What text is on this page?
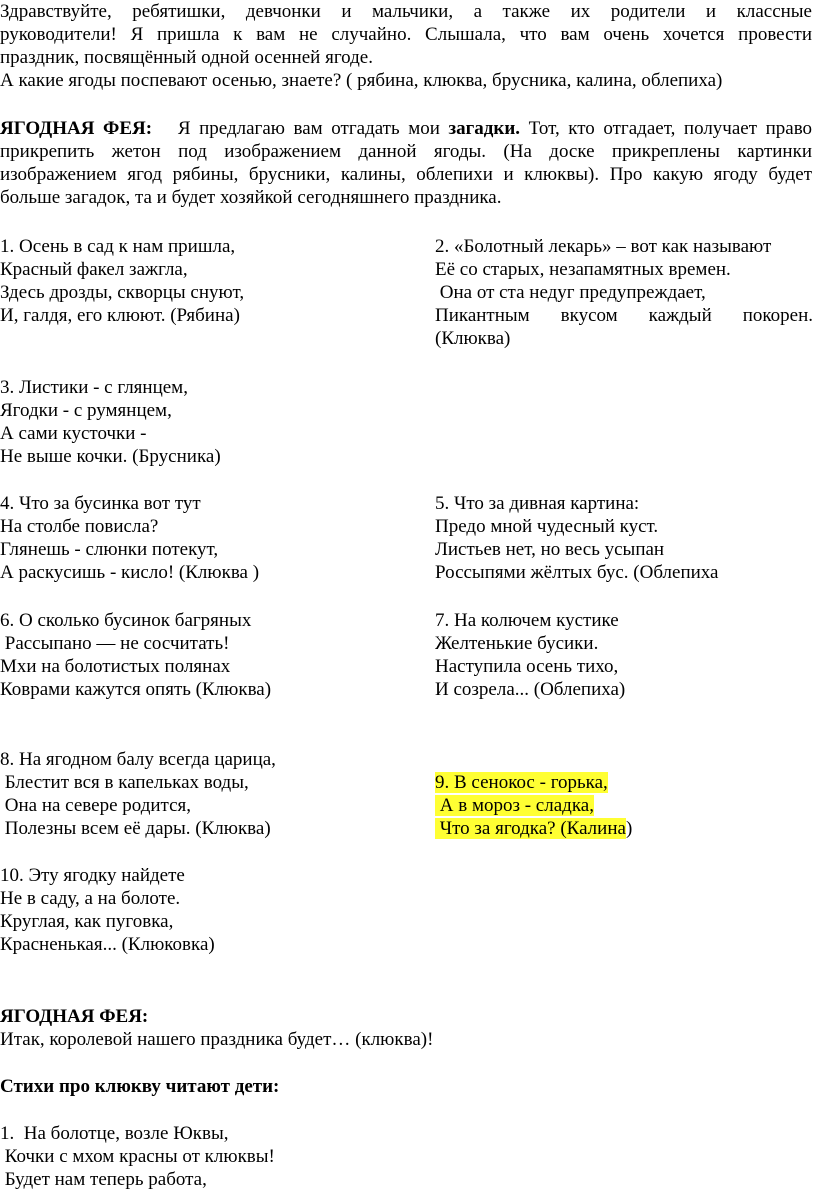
Здравствуйте, ребятишки, девчонки и мальчики, а также их родители и классные
руководители! Я пришла к вам не случайно. Слышала, что вам очень хочется провести
праздник, посвящённый одной осенней ягоде.
А какие ягоды поспевают осенью, знаете? ( рябина, клюква, брусника, калина, облепиха)
ЯГОДНАЯ ФЕЯ: Я предлагаю вам отгадать мои загадки. Тот, кто отгадает, получает право
прикрепить жетон под изображением данной ягоды. (На доске прикреплены картинки
изображением ягод рябины, брусники, калины, облепихи и клюквы). Про какую ягоду будет
больше загадок, та и будет хозяйкой сегодняшнего праздника.
1. Осень в сад к нам пришла,
Красный факел зажгла,
Здесь дрозды, скворцы снуют,
И, галдя, его клюют. (Рябина)
2. «Болотный лекарь» – вот как называют
Её со старых, незапамятных времен.
Она от ста недуг предупреждает,
Пикантным вкусом каждый покорен.
(Клюква)
3. Листики - с глянцем,
Ягодки - с румянцем,
А сами кусточки -
Не выше кочки. (Брусника)
4. Что за бусинка вот тут
На столбе повисла?
Глянешь - слюнки потекут,
А раскусишь - кисло! (Клюква )
5. Что за дивная картина:
Предо мной чудесный куст.
Листьев нет, но весь усыпан
Россыпями жёлтых бус. (Облепиха
6. О сколько бусинок багряных
Рассыпано — не сосчитать!
Мхи на болотистых полянах
Коврами кажутся опять (Клюква)
7. На колючем кустике
Желтенькие бусики.
Наступила осень тихо,
И созрела... (Облепиха)
8. На ягодном балу всегда царица,
Блестит вся в капельках воды,
Она на севере родится,
Полезны всем её дары. (Клюква)
9. В сенокос - горька,
А в мороз - сладка,
Что за ягодка? (Калина)
10. Эту ягодку найдете
Не в саду, а на болоте.
Круглая, как пуговка,
Красненькая... (Клюковка)
ЯГОДНАЯ ФЕЯ:
Итак, королевой нашего праздника будет… (клюква)!
Стихи про клюкву читают дети:
1.  На болотце, возле Юквы,
Кочки с мхом красны от клюквы!
Будет нам теперь работа,
